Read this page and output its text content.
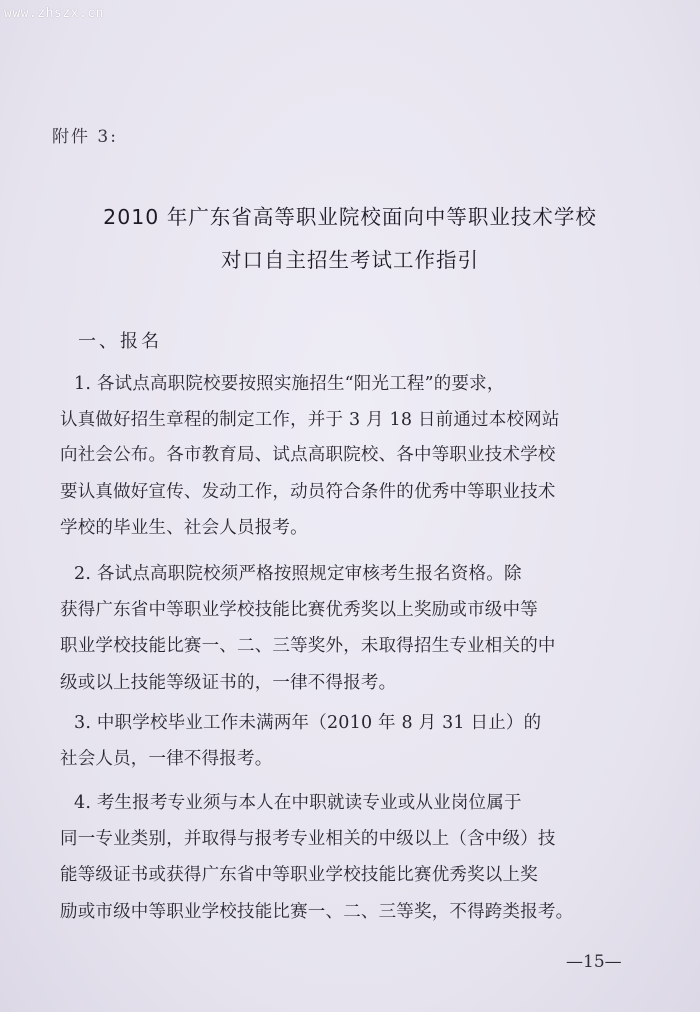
www.zhszx.cn
附件 3:
2010 年广东省高等职业院校面向中等职业技术学校
对口自主招生考试工作指引
一、报名
1. 各试点高职院校要按照实施招生“阳光工程”的要求，
认真做好招生章程的制定工作，并于 3 月 18 日前通过本校网站
向社会公布。各市教育局、试点高职院校、各中等职业技术学校
要认真做好宣传、发动工作，动员符合条件的优秀中等职业技术
学校的毕业生、社会人员报考。
2. 各试点高职院校须严格按照规定审核考生报名资格。除
获得广东省中等职业学校技能比赛优秀奖以上奖励或市级中等
职业学校技能比赛一、二、三等奖外，未取得招生专业相关的中
级或以上技能等级证书的，一律不得报考。
3. 中职学校毕业工作未满两年（2010 年 8 月 31 日止）的
社会人员，一律不得报考。
4. 考生报考专业须与本人在中职就读专业或从业岗位属于
同一专业类别，并取得与报考专业相关的中级以上（含中级）技
能等级证书或获得广东省中等职业学校技能比赛优秀奖以上奖
励或市级中等职业学校技能比赛一、二、三等奖，不得跨类报考。
—15—
